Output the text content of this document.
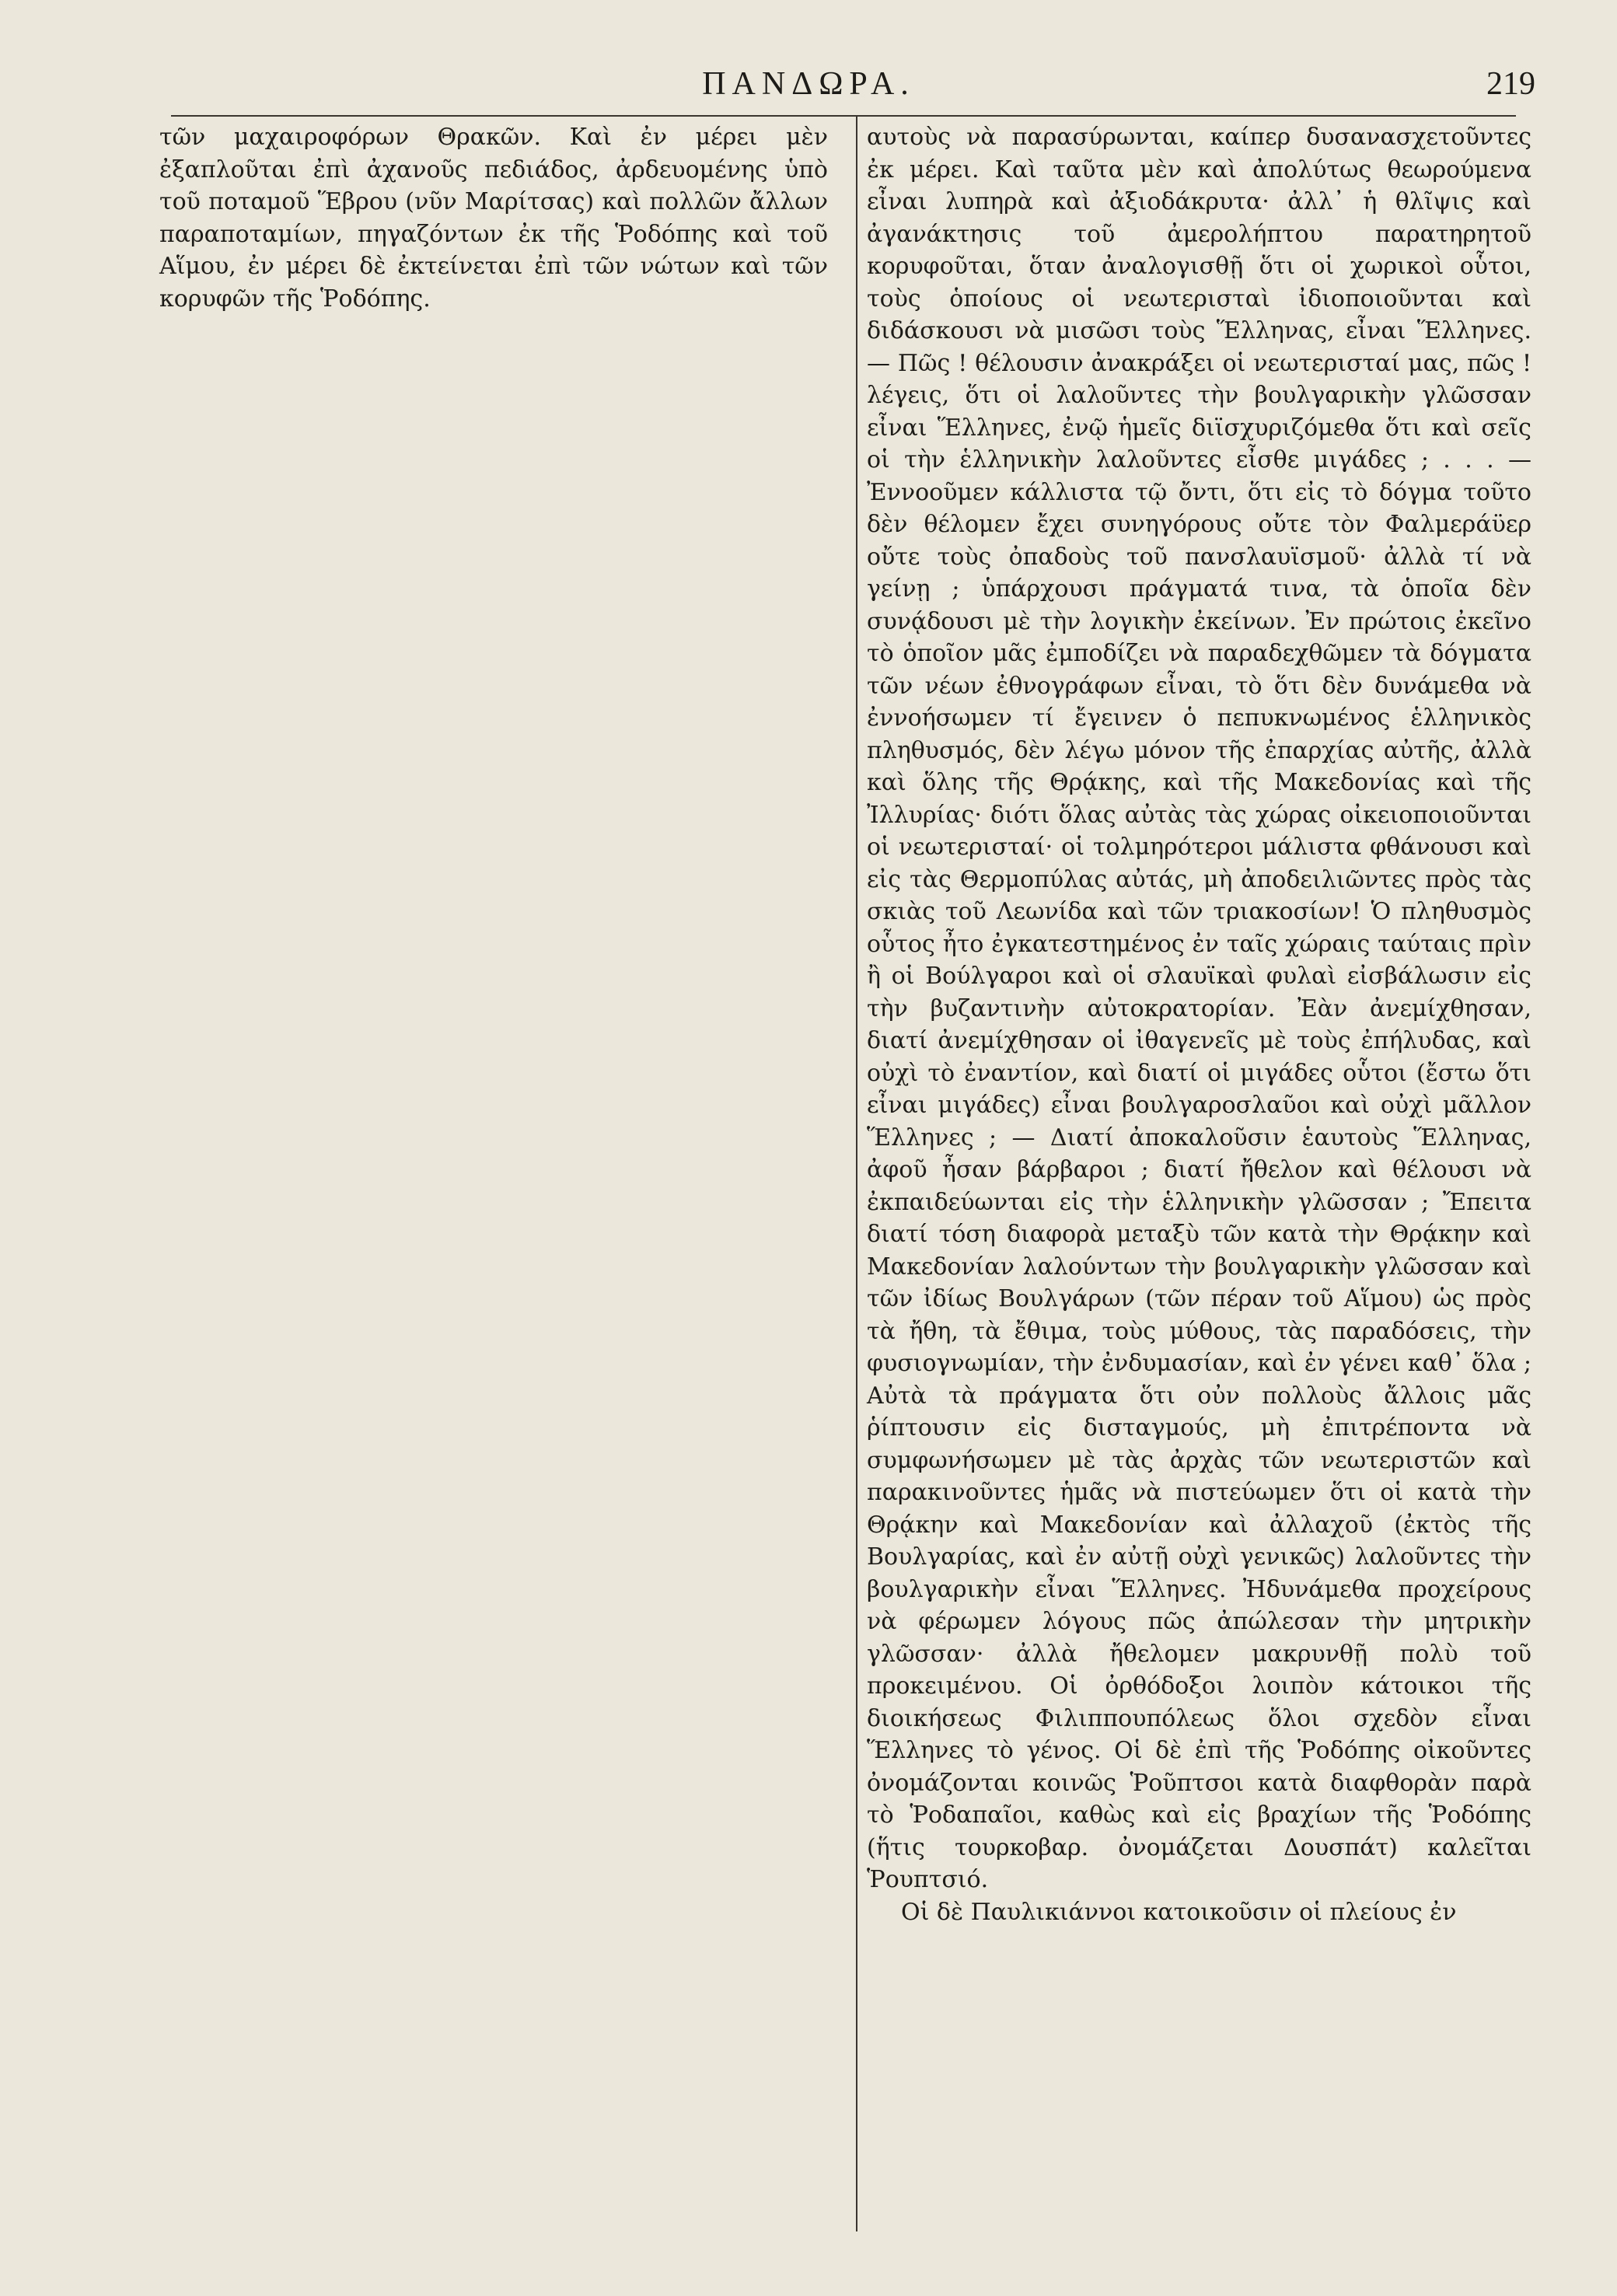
ΠΑΝΔΩΡΑ.	219

τῶν μαχαιροφόρων Θρακῶν. Καὶ ἐν μέρει μὲν ἐξαπλοῦται ἐπὶ ἀχανοῦς πεδιάδος, ἀρδευομένης ὑπὸ τοῦ ποταμοῦ Ἕβρου (νῦν Μαρίτσας) καὶ πολλῶν ἄλλων παραποταμίων, πηγαζόντων ἐκ τῆς Ῥοδόπης καὶ τοῦ Αἵμου, ἐν μέρει δὲ ἐκτείνεται ἐπὶ τῶν νώτων καὶ τῶν κορυφῶν τῆς Ῥοδόπης.

αυτοὺς νὰ παρασύρωνται, καίπερ δυσανασχετοῦντες ἐκ μέρει. Καὶ ταῦτα μὲν καὶ ἀπολύτως θεωρούμενα εἶναι λυπηρὰ καὶ ἀξιοδάκρυτα· ἀλλ᾽ ἡ θλῖψις καὶ ἀγανάκτησις τοῦ ἀμερολήπτου παρατηρητοῦ κορυφοῦται, ὅταν ἀναλογισθῇ ὅτι οἱ χωρικοὶ οὗτοι, τοὺς ὁποίους οἱ νεωτερισταὶ ἰδιοποιοῦνται καὶ διδάσκουσι νὰ μισῶσι τοὺς Ἕλληνας, εἶναι Ἕλληνες. — Πῶς ! θέλουσιν ἀνακράξει οἱ νεωτερισταί μας, πῶς ! λέγεις, ὅτι οἱ λαλοῦντες τὴν βουλγαρικὴν γλῶσσαν εἶναι Ἕλληνες, ἐνῷ ἡμεῖς διϊσχυριζόμεθα ὅτι καὶ σεῖς οἱ τὴν ἑλληνικὴν λαλοῦντες εἶσθε μιγάδες ; . . . — Ἐννοοῦμεν κάλλιστα τῷ ὄντι, ὅτι εἰς τὸ δόγμα τοῦτο δὲν θέλομεν ἔχει συνηγόρους οὔτε τὸν Φαλμεράϋερ οὔτε τοὺς ὀπαδοὺς τοῦ πανσλαυϊσμοῦ· ἀλλὰ τί νὰ γείνῃ ; ὑπάρχουσι πράγματά τινα, τὰ ὁποῖα δὲν συνᾴδουσι μὲ τὴν λογικὴν ἐκείνων. Ἐν πρώτοις ἐκεῖνο τὸ ὁποῖον μᾶς ἐμποδίζει νὰ παραδεχθῶμεν τὰ δόγματα τῶν νέων ἐθνογράφων εἶναι, τὸ ὅτι δὲν δυνάμεθα νὰ ἐννοήσωμεν τί ἔγεινεν ὁ πεπυκνωμένος ἑλληνικὸς πληθυσμός, δὲν λέγω μόνον τῆς ἐπαρχίας αὐτῆς, ἀλλὰ καὶ ὅλης τῆς Θρᾴκης, καὶ τῆς Μακεδονίας καὶ τῆς Ἰλλυρίας· διότι ὅλας αὐτὰς τὰς χώρας οἰκειοποιοῦνται οἱ νεωτερισταί· οἱ τολμηρότεροι μάλιστα φθάνουσι καὶ εἰς τὰς Θερμοπύλας αὐτάς, μὴ ἀποδειλιῶντες πρὸς τὰς σκιὰς τοῦ Λεωνίδα καὶ τῶν τριακοσίων! Ὁ πληθυσμὸς οὗτος ἦτο ἐγκατεστημένος ἐν ταῖς χώραις ταύταις πρὶν ἢ οἱ Βούλγαροι καὶ οἱ σλαυϊκαὶ φυλαὶ εἰσβάλωσιν εἰς τὴν βυζαντινὴν αὐτοκρατορίαν. Ἐὰν ἀνεμίχθησαν, διατί ἀνεμίχθησαν οἱ ἰθαγενεῖς μὲ τοὺς ἐπήλυδας, καὶ οὐχὶ τὸ ἐναντίον, καὶ διατί οἱ μιγάδες οὗτοι (ἔστω ὅτι εἶναι μιγάδες) εἶναι βουλγαροσλαῦοι καὶ οὐχὶ μᾶλλον Ἕλληνες ; — Διατί ἀποκαλοῦσιν ἑαυτοὺς Ἕλληνας, ἀφοῦ ἦσαν βάρβαροι ; διατί ἤθελον καὶ θέλουσι νὰ ἐκπαιδεύωνται εἰς τὴν ἑλληνικὴν γλῶσσαν ; Ἔπειτα διατί τόση διαφορὰ μεταξὺ τῶν κατὰ τὴν Θρᾴκην καὶ Μακεδονίαν λαλούντων τὴν βουλγαρικὴν γλῶσσαν καὶ τῶν ἰδίως Βουλγάρων (τῶν πέραν τοῦ Αἵμου) ὡς πρὸς τὰ ἤθη, τὰ ἔθιμα, τοὺς μύθους, τὰς παραδόσεις, τὴν φυσιογνωμίαν, τὴν ἐνδυμασίαν, καὶ ἐν γένει καθ᾽ ὅλα ; Αὐτὰ τὰ πράγματα ὅτι οὐν πολλοὺς ἄλλοις μᾶς ῥίπτουσιν εἰς δισταγμούς, μὴ ἐπιτρέποντα νὰ συμφωνήσωμεν μὲ τὰς ἀρχὰς τῶν νεωτεριστῶν καὶ παρακινοῦντες ἡμᾶς νὰ πιστεύωμεν ὅτι οἱ κατὰ τὴν Θρᾴκην καὶ Μακεδονίαν καὶ ἀλλαχοῦ (ἐκτὸς τῆς Βουλγαρίας, καὶ ἐν αὐτῇ οὐχὶ γενικῶς) λαλοῦντες τὴν βουλγαρικὴν εἶναι Ἕλληνες. Ἠδυνάμεθα προχείρους νὰ φέρωμεν λόγους πῶς ἀπώλεσαν τὴν μητρικὴν γλῶσσαν· ἀλλὰ ἤθελομεν μακρυνθῇ πολὺ τοῦ προκειμένου. Οἱ ὀρθόδοξοι λοιπὸν κάτοικοι τῆς διοικήσεως Φιλιππουπόλεως ὅλοι σχεδὸν εἶναι Ἕλληνες τὸ γένος. Οἱ δὲ ἐπὶ τῆς Ῥοδόπης οἰκοῦντες ὀνομάζονται κοινῶς Ῥοῦπτσοι κατὰ διαφθορὰν παρὰ τὸ Ῥοδαπαῖοι, καθὼς καὶ εἰς βραχίων τῆς Ῥοδόπης (ἥτις τουρκοβαρ. ὀνομάζεται Δουσπάτ) καλεῖται Ῥουπτσιό.

Οἱ δὲ Παυλικιάννοι κατοικοῦσιν οἱ πλείους ἐν
